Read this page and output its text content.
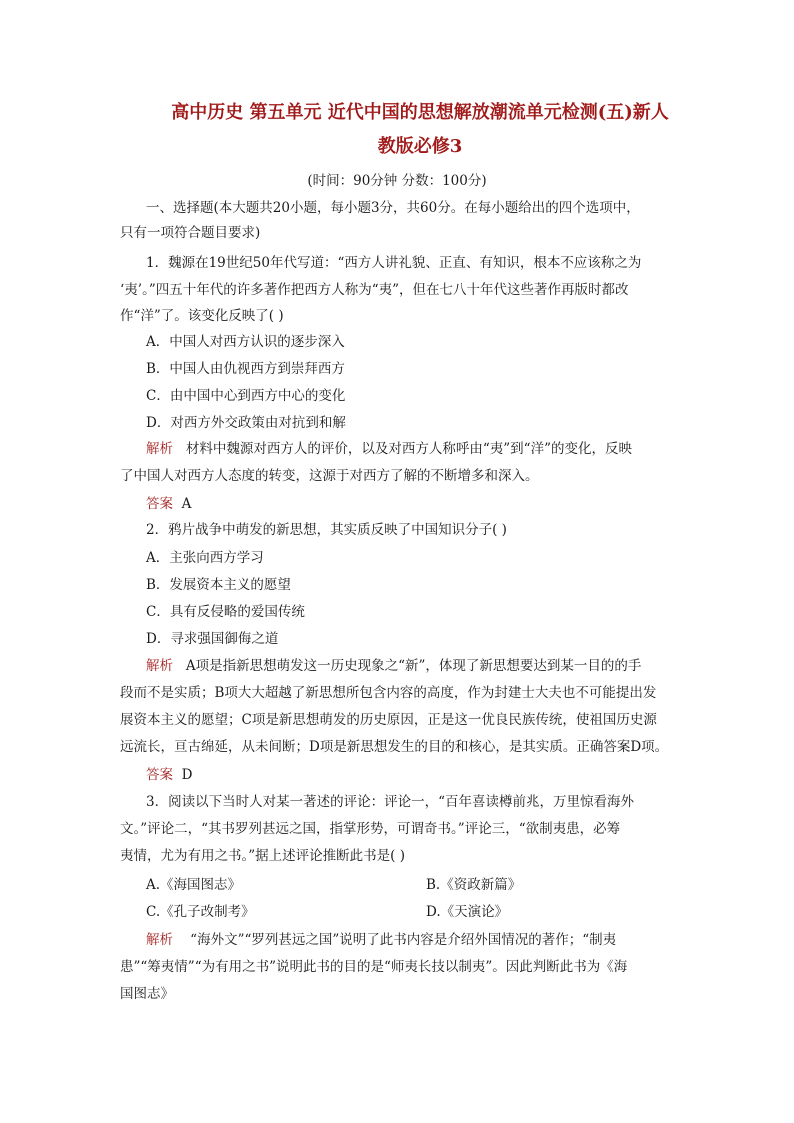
高中历史 第五单元 近代中国的思想解放潮流单元检测(五)新人
教版必修3
(时间：90分钟 分数：100分)
一、选择题(本大题共20小题，每小题3分，共60分。在每小题给出的四个选项中，
只有一项符合题目要求)
1．魏源在19世纪50年代写道：“西方人讲礼貌、正直、有知识，根本不应该称之为
‘夷’。”四五十年代的许多著作把西方人称为“夷”，但在七八十年代这些著作再版时都改
作“洋”了。该变化反映了( )
A．中国人对西方认识的逐步深入
B．中国人由仇视西方到崇拜西方
C．由中国中心到西方中心的变化
D．对西方外交政策由对抗到和解
解析 材料中魏源对西方人的评价，以及对西方人称呼由“夷”到“洋”的变化，反映
了中国人对西方人态度的转变，这源于对西方了解的不断增多和深入。
答案 A
2．鸦片战争中萌发的新思想，其实质反映了中国知识分子( )
A．主张向西方学习
B．发展资本主义的愿望
C．具有反侵略的爱国传统
D．寻求强国御侮之道
解析 A项是指新思想萌发这一历史现象之“新”，体现了新思想要达到某一目的的手
段而不是实质；B项大大超越了新思想所包含内容的高度，作为封建士大夫也不可能提出发
展资本主义的愿望；C项是新思想萌发的历史原因，正是这一优良民族传统，使祖国历史源
远流长，亘古绵延，从未间断；D项是新思想发生的目的和核心，是其实质。正确答案D项。
答案 D
3．阅读以下当时人对某一著述的评论：评论一，“百年喜读樽前兆，万里惊看海外
文。”评论二，“其书罗列甚远之国，指掌形势，可谓奇书。”评论三，“欲制夷患，必筹
夷情，尤为有用之书。”据上述评论推断此书是( )
A.《海国图志》	B.《资政新篇》
C.《孔子改制考》	D.《天演论》
解析 “海外文”“罗列甚远之国”说明了此书内容是介绍外国情况的著作；“制夷
患”“筹夷情”“为有用之书”说明此书的目的是“师夷长技以制夷”。因此判断此书为《海
国图志》
